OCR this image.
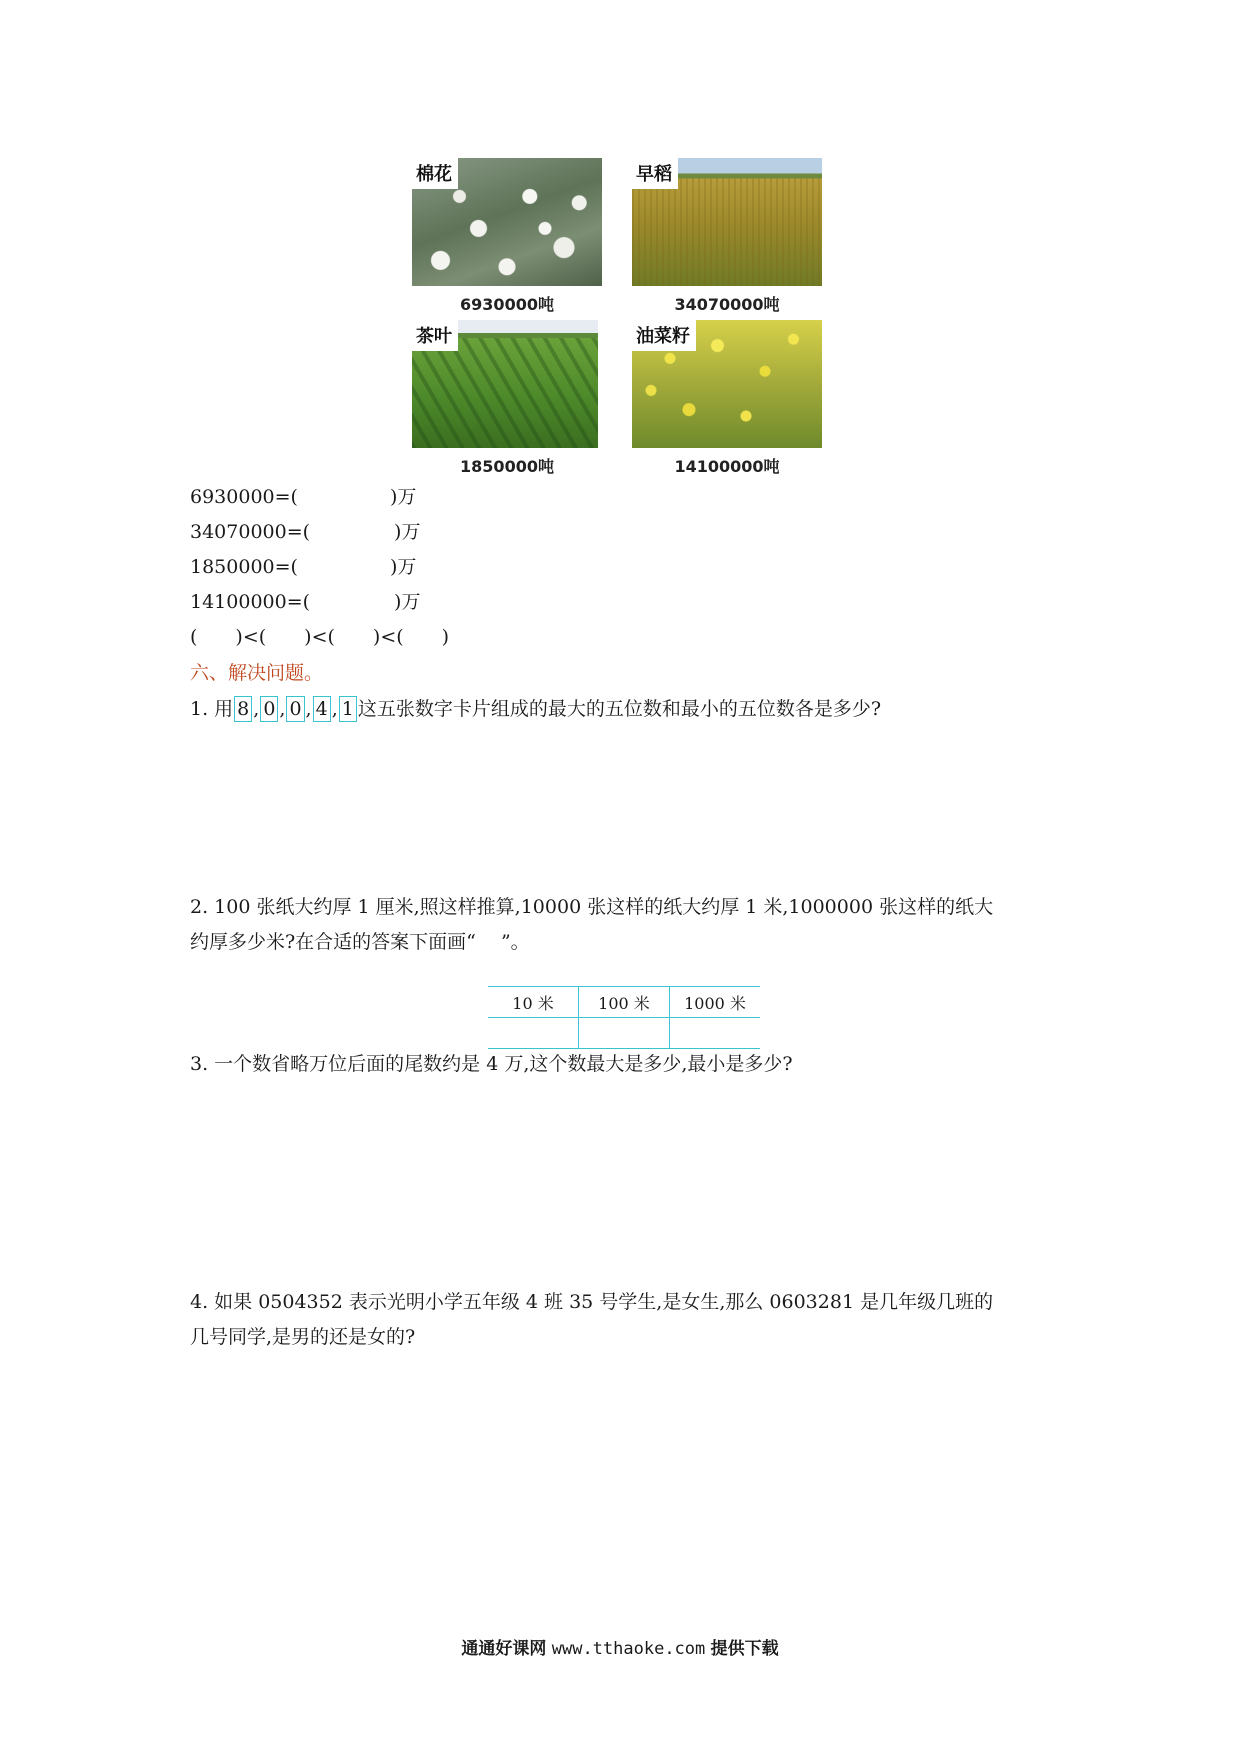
棉花
6930000吨
早稻
34070000吨
茶叶
1850000吨
油菜籽
14100000吨
6930000=(	)万
34070000=(	)万
1850000=(	)万
14100000=(	)万
(　　)<(　　)<(　　)<(　　)
六、解决问题。
1. 用 8 , 0 , 0 , 4 , 1 这五张数字卡片组成的最大的五位数和最小的五位数各是多少?
2. 100 张纸大约厚 1 厘米,照这样推算,10000 张这样的纸大约厚 1 米,1000000 张这样的纸大
约厚多少米?在合适的答案下面画“　 ”。
10 米	100 米	1000 米

3. 一个数省略万位后面的尾数约是 4 万,这个数最大是多少,最小是多少?
4. 如果 0504352 表示光明小学五年级 4 班 35 号学生,是女生,那么 0603281 是几年级几班的
几号同学,是男的还是女的?
通通好课网 www.tthaoke.com 提供下载
